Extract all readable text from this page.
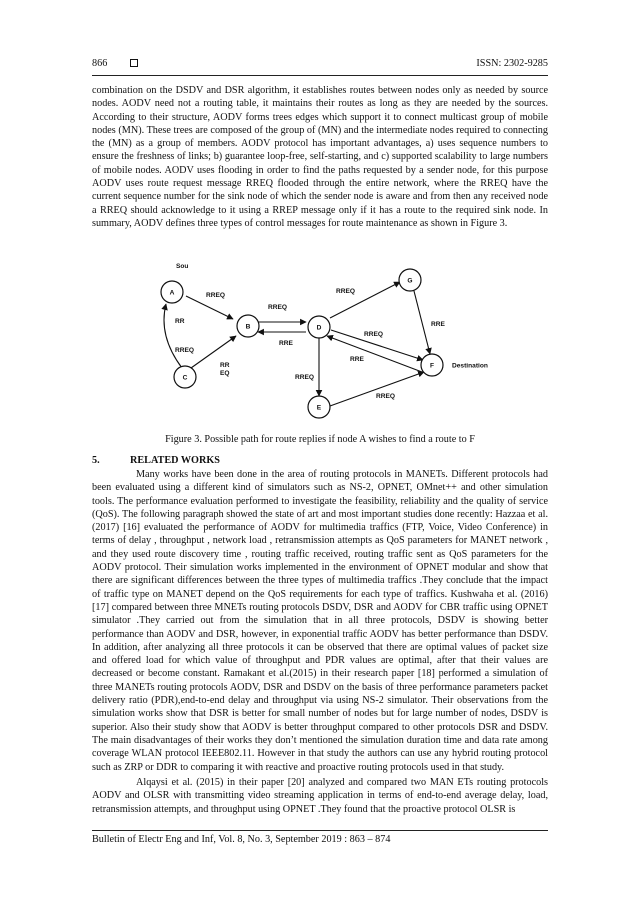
866	ISSN: 2302-9285

combination on the DSDV and DSR algorithm, it establishes routes between nodes only as needed by source nodes. AODV need not a routing table, it maintains their routes as long as they are needed by the sources. According to their structure, AODV forms trees edges which support it to connect multicast group of mobile nodes (MN). These trees are composed of the group of (MN) and the intermediate nodes required to connecting the (MN) as a group of members. AODV protocol has important advantages, a) uses sequence numbers to ensure the freshness of links; b) guarantee loop-free, self-starting, and c) supported scalability to large numbers of mobile nodes. AODV uses flooding in order to find the paths requested by a sender node, for this purpose AODV uses route request message RREQ flooded through the entire network, where the RREQ have the current sequence number for the sink node of which the sender node is aware and from then any received node a RREQ should acknowledge to it using a RREP message only if it has a route to the required sink node. In summary, AODV defines three types of control messages for route maintenance as shown in Figure 3.

A
B
C
D
E
F
G
Sou
Destination
RREQ
RR
RREQ
RR
EQ
RREQ
RRE
RREQ
RREQ
RRE
RRE
RREQ
RREQ

Figure 3. Possible path for route replies if node A wishes to find a route to F

5.	RELATED WORKS

Many works have been done in the area of routing protocols in MANETs. Different protocols had been evaluated using a different kind of simulators such as NS-2, OPNET, OMnet++ and other simulation tools. The performance evaluation performed to investigate the feasibility, reliability and the quality of service (QoS). The following paragraph showed the state of art and most important studies done recently: Hazzaa et al.(2017) [16] evaluated the performance of AODV for multimedia traffics (FTP, Voice, Video Conference) in terms of delay , throughput , network load , retransmission attempts as QoS parameters for MANET network , and they used route discovery time , routing traffic received, routing traffic sent as QoS parameters for the AODV protocol. Their simulation works implemented in the environment of OPNET modular and show that there are significant differences between the three types of multimedia traffics .They conclude that the impact of traffic type on MANET depend on the QoS requirements for each type of traffics. Kushwaha et al. (2016) [17] compared between three MNETs routing protocols DSDV, DSR and AODV for CBR traffic using OPNET simulator .They carried out from the simulation that in all three protocols, DSDV is showing better performance than AODV and DSR, however, in exponential traffic AODV has better performance than DSDV. In addition, after analyzing all three protocols it can be observed that there are optimal values of packet size and offered load for which value of throughput and PDR values are optimal, after that their values are decreased or become constant. Ramakant et al.(2015) in their research paper [18] performed a simulation of three MANETs routing protocols AODV, DSR and DSDV on the basis of three performance parameters packet delivery ratio (PDR),end-to-end delay and throughput via using NS-2 simulator. Their observations from the simulation works show that DSR is better for small number of nodes but for large number of nodes, DSDV is superior. Also their study show that AODV is better throughput compared to other protocols DSR and DSDV. The main disadvantages of their works they don’t mentioned the simulation duration time and data rate among coverage WLAN protocol IEEE802.11. However in that study the authors can use any hybrid routing protocol such as ZRP or DDR to comparing it with reactive and proactive routing protocols used in that study.

Alqaysi et al. (2015) in their paper [20] analyzed and compared two MAN ETs routing protocols AODV and OLSR with transmitting video streaming application in terms of end-to-end average delay, load, retransmission attempts, and throughput using OPNET .They found that the proactive protocol OLSR is

Bulletin of Electr Eng and Inf, Vol. 8, No. 3, September 2019 : 863 – 874
